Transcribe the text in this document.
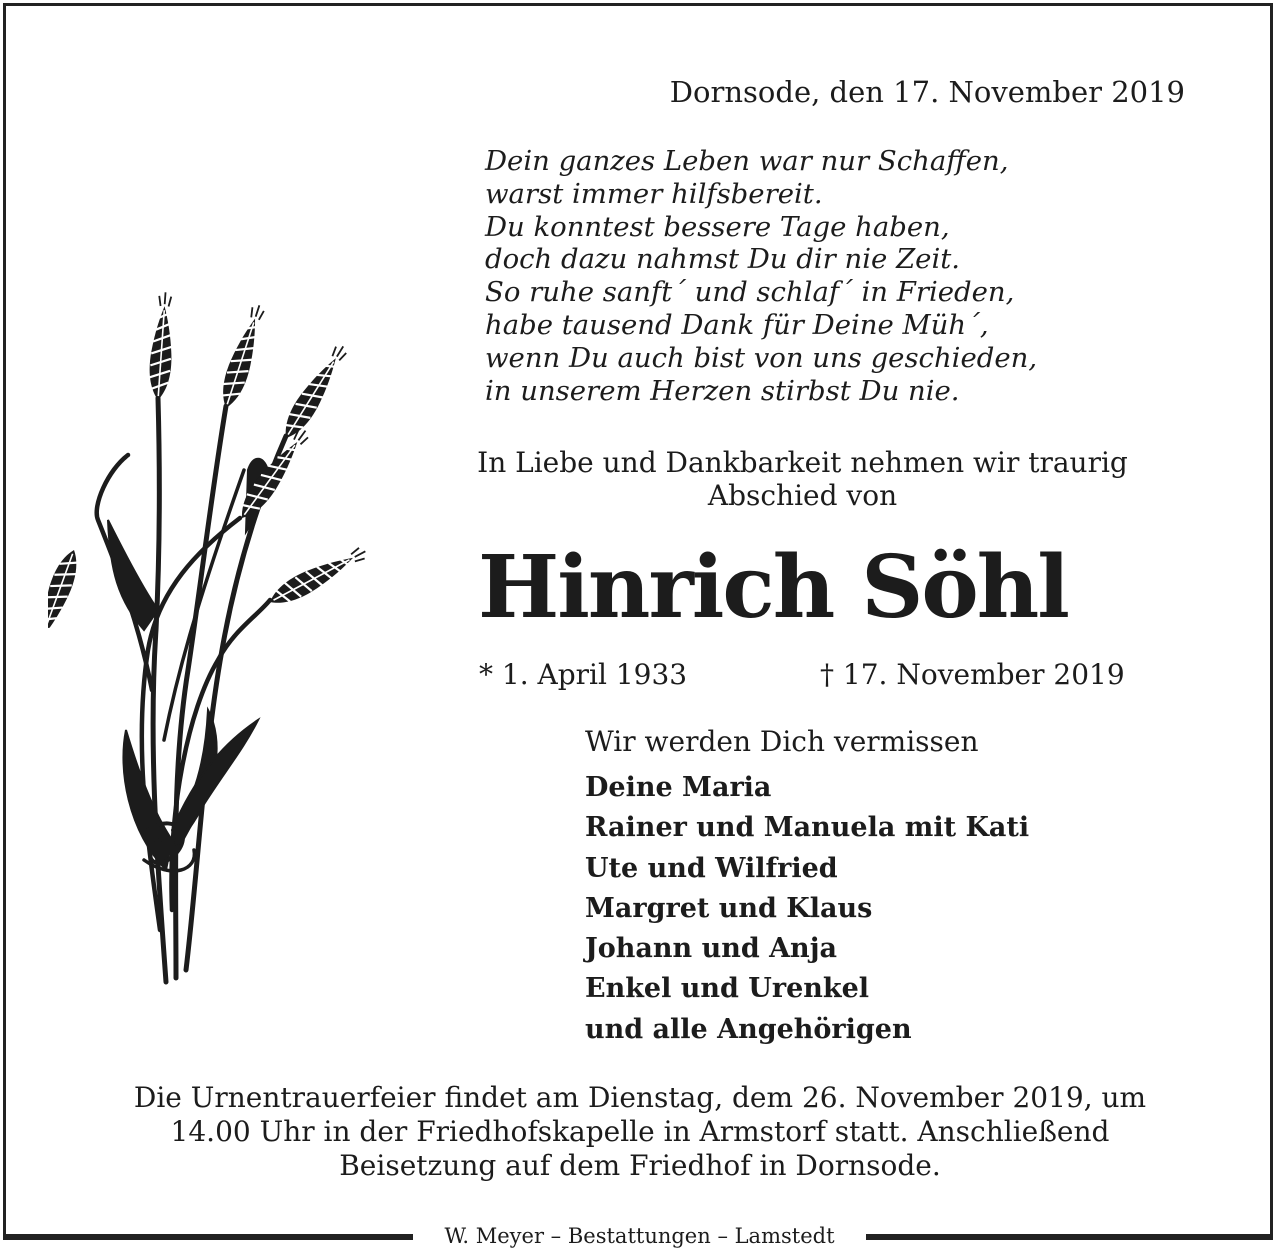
Dornsode, den 17. November 2019
Dein ganzes Leben war nur Schaffen,
warst immer hilfsbereit.
Du konntest bessere Tage haben,
doch dazu nahmst Du dir nie Zeit.
So ruhe sanft´ und schlaf´ in Frieden,
habe tausend Dank für Deine Müh´,
wenn Du auch bist von uns geschieden,
in unserem Herzen stirbst Du nie.
In Liebe und Dankbarkeit nehmen wir traurig
Abschied von
Hinrich Söhl
* 1. April 1933	† 17. November 2019
Wir werden Dich vermissen
Deine Maria
Rainer und Manuela mit Kati
Ute und Wilfried
Margret und Klaus
Johann und Anja
Enkel und Urenkel
und alle Angehörigen
Die Urnentrauerfeier findet am Dienstag, dem 26. November 2019, um
14.00 Uhr in der Friedhofskapelle in Armstorf statt. Anschließend
Beisetzung auf dem Friedhof in Dornsode.
W. Meyer – Bestattungen – Lamstedt
